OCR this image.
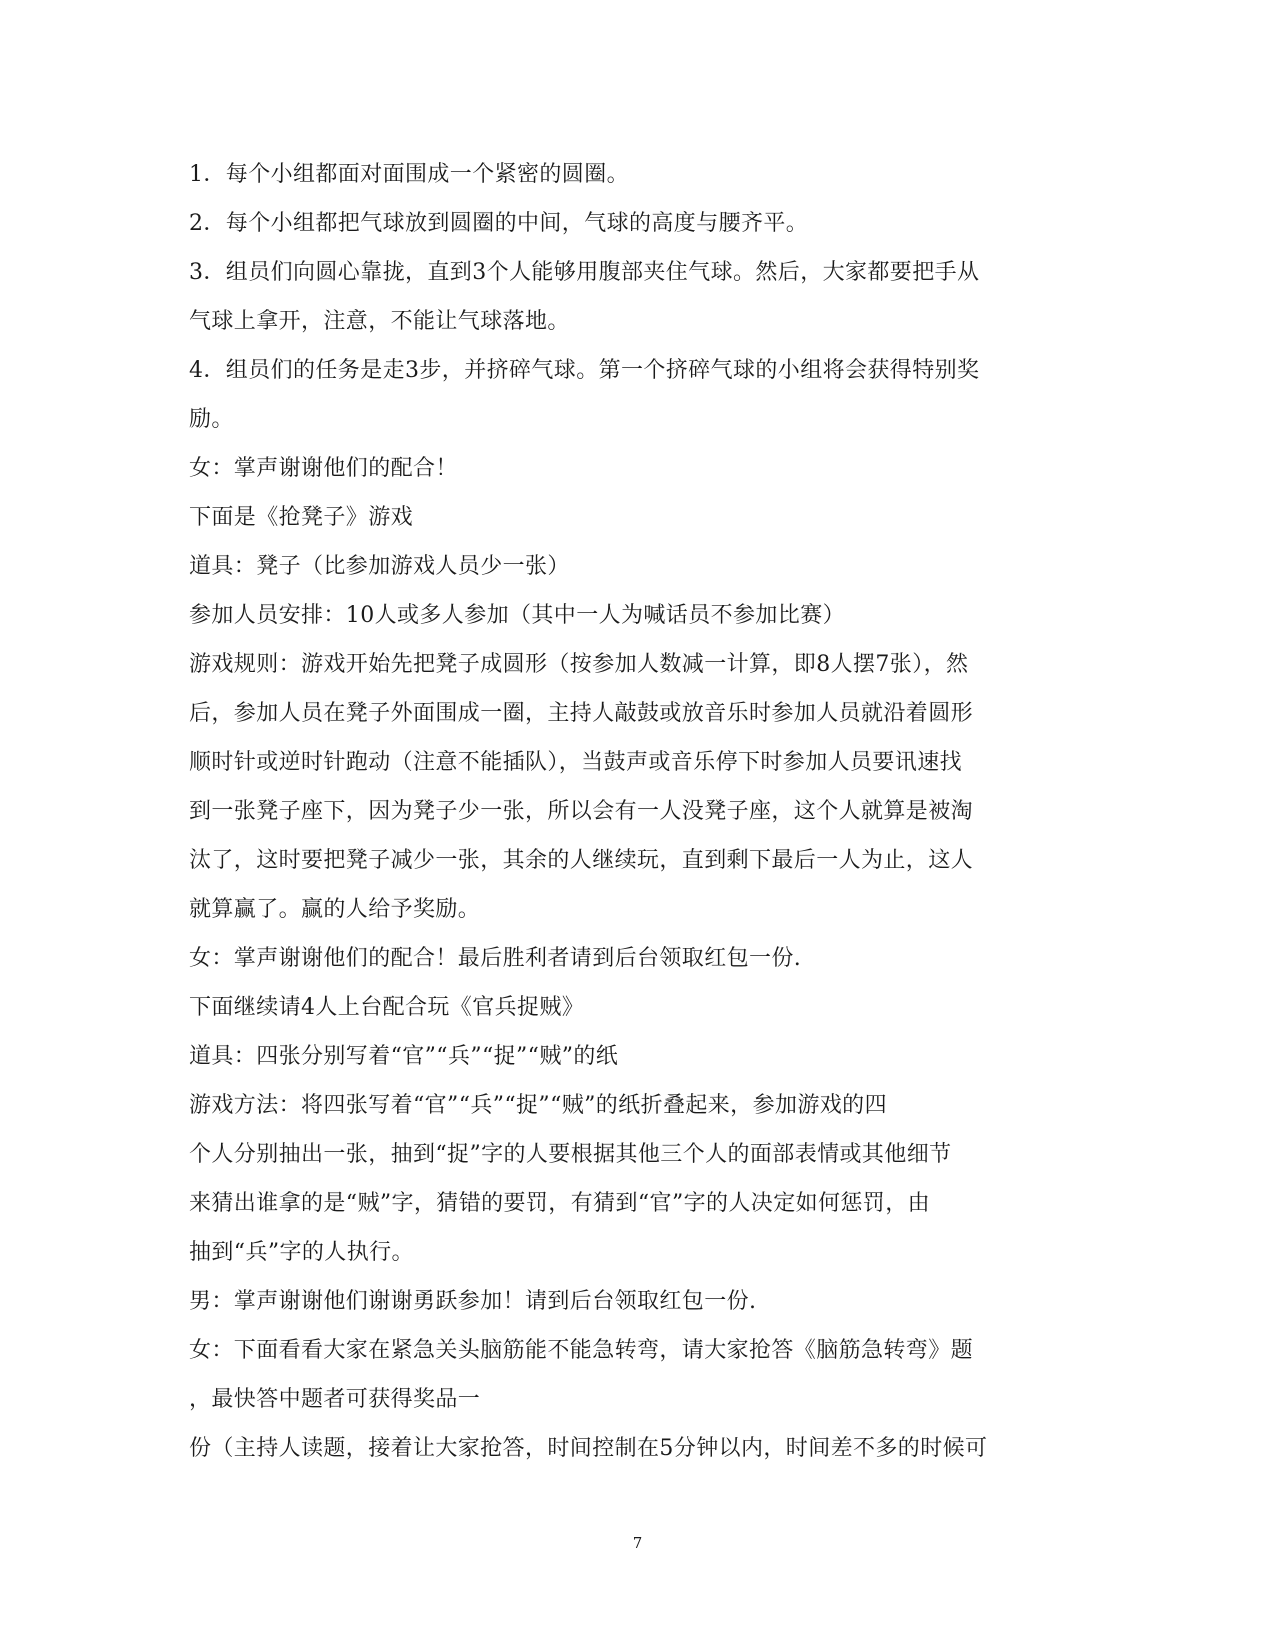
1．每个小组都面对面围成一个紧密的圆圈。
2．每个小组都把气球放到圆圈的中间，气球的高度与腰齐平。
3．组员们向圆心靠拢，直到3个人能够用腹部夹住气球。然后，大家都要把手从
气球上拿开，注意，不能让气球落地。
4．组员们的任务是走3步，并挤碎气球。第一个挤碎气球的小组将会获得特别奖
励。
女：掌声谢谢他们的配合！
下面是《抢凳子》游戏
道具：凳子（比参加游戏人员少一张）
参加人员安排：10人或多人参加（其中一人为喊话员不参加比赛）
游戏规则：游戏开始先把凳子成圆形（按参加人数减一计算，即8人摆7张），然
后，参加人员在凳子外面围成一圈，主持人敲鼓或放音乐时参加人员就沿着圆形
顺时针或逆时针跑动（注意不能插队），当鼓声或音乐停下时参加人员要讯速找
到一张凳子座下，因为凳子少一张，所以会有一人没凳子座，这个人就算是被淘
汰了，这时要把凳子减少一张，其余的人继续玩，直到剩下最后一人为止，这人
就算赢了。赢的人给予奖励。
女：掌声谢谢他们的配合！最后胜利者请到后台领取红包一份.
下面继续请4人上台配合玩《官兵捉贼》
道具：四张分别写着“官”“兵”“捉”“贼”的纸
游戏方法：将四张写着“官”“兵”“捉”“贼”的纸折叠起来，参加游戏的四
个人分别抽出一张，抽到“捉”字的人要根据其他三个人的面部表情或其他细节
来猜出谁拿的是“贼”字，猜错的要罚，有猜到“官”字的人决定如何惩罚，由
抽到“兵”字的人执行。
男：掌声谢谢他们谢谢勇跃参加！请到后台领取红包一份.
女：下面看看大家在紧急关头脑筋能不能急转弯，请大家抢答《脑筋急转弯》题
，最快答中题者可获得奖品一
份（主持人读题，接着让大家抢答，时间控制在5分钟以内，时间差不多的时候可
7
